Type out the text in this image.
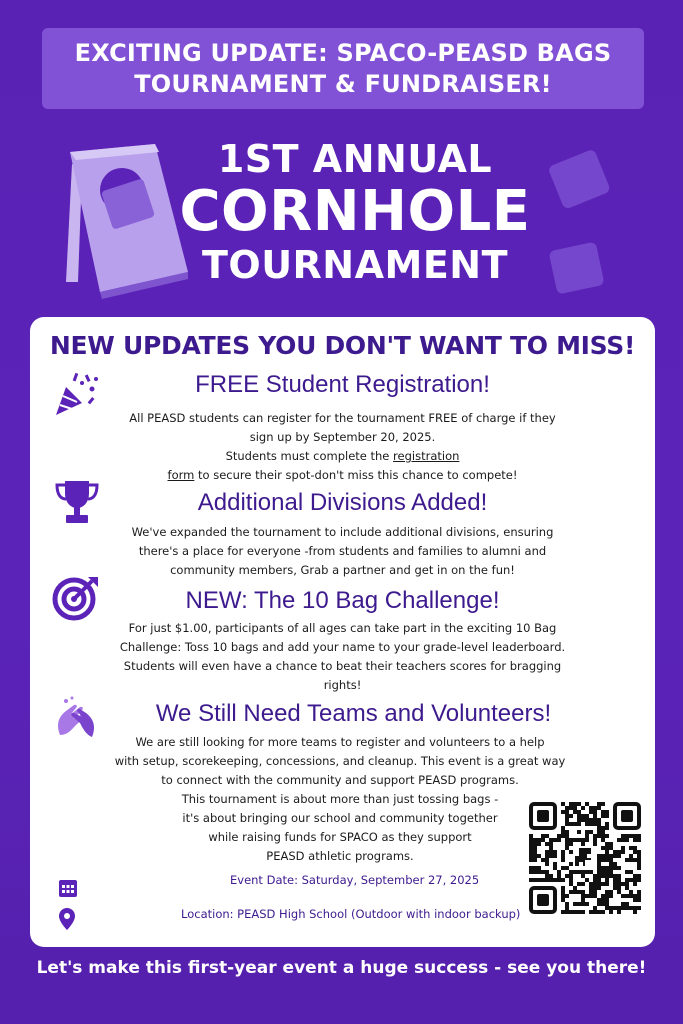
EXCITING UPDATE: SPACO-PEASD BAGS
TOURNAMENT & FUNDRAISER!
1ST ANNUAL
CORNHOLE
TOURNAMENT
NEW UPDATES YOU DON'T WANT TO MISS!
FREE Student Registration!
All PEASD students can register for the tournament FREE of charge if they
sign up by September 20, 2025.
Students must complete the registration
form to secure their spot-don't miss this chance to compete!
Additional Divisions Added!
We've expanded the tournament to include additional divisions, ensuring
there's a place for everyone -from students and families to alumni and
community members, Grab a partner and get in on the fun!
NEW: The 10 Bag Challenge!
For just $1.00, participants of all ages can take part in the exciting 10 Bag
Challenge: Toss 10 bags and add your name to your grade-level leaderboard.
Students will even have a chance to beat their teachers scores for bragging
rights!
We Still Need Teams and Volunteers!
We are still looking for more teams to register and volunteers to a help
with setup, scorekeeping, concessions, and cleanup. This event is a great way
to connect with the community and support PEASD programs.
This tournament is about more than just tossing bags -
it's about bringing our school and community together
while raising funds for SPACO as they support
PEASD athletic programs.
Event Date: Saturday, September 27, 2025
Location: PEASD High School (Outdoor with indoor backup)
Let's make this first-year event a huge success - see you there!
